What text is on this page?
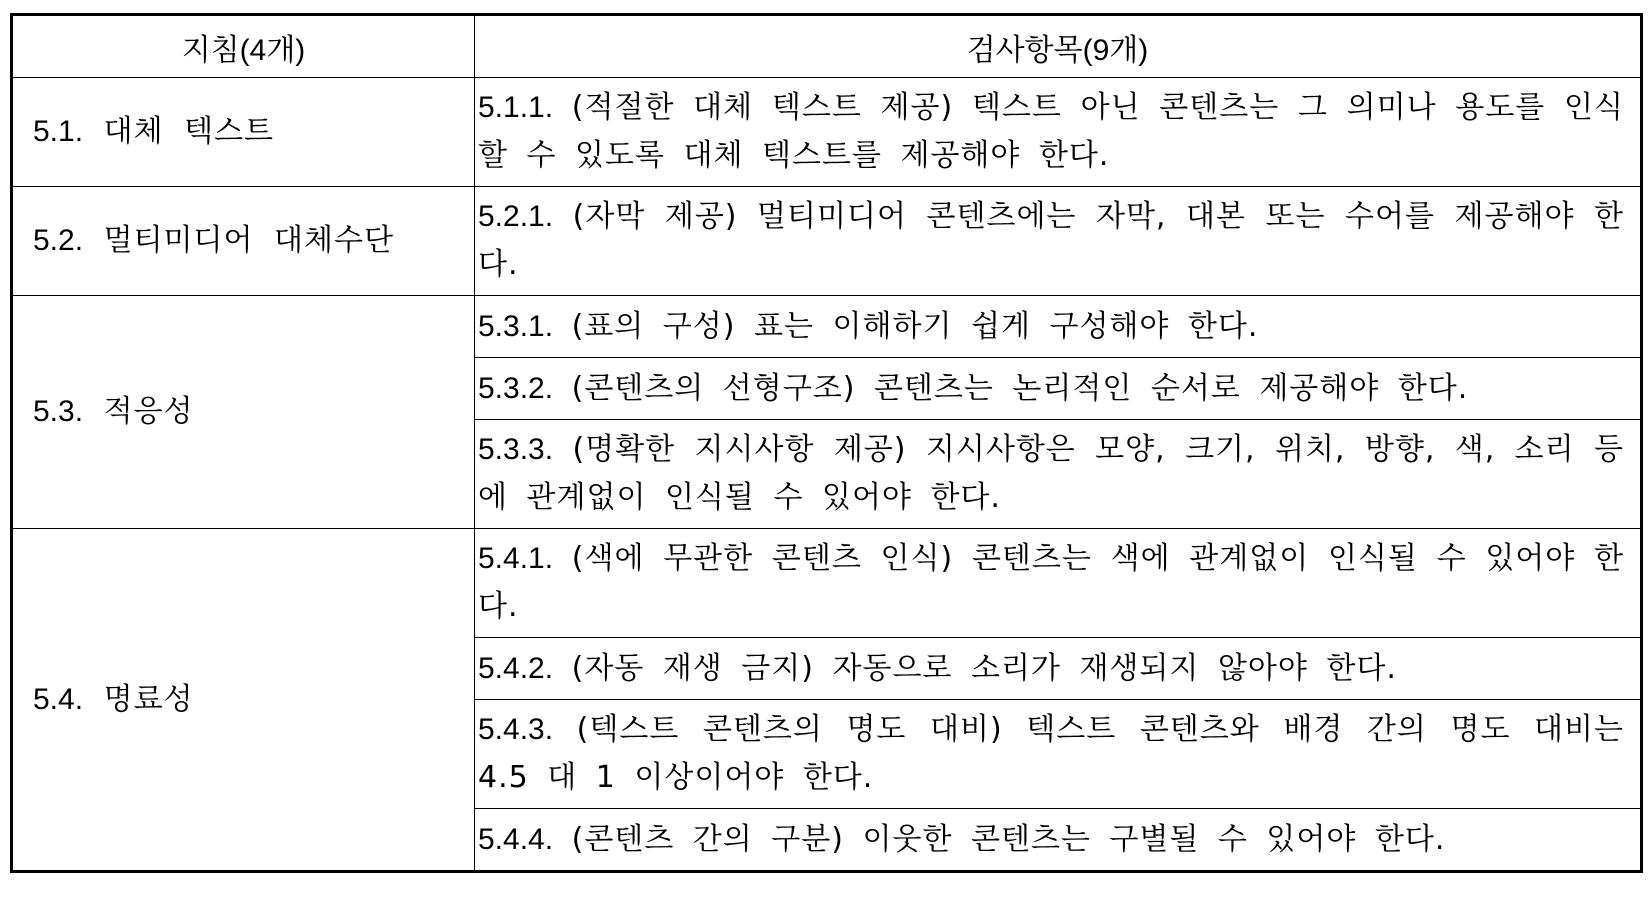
지침(4개)	검사항목(9개)
5.1. 대체 텍스트	5.1.1. (적절한 대체 텍스트 제공) 텍스트 아닌 콘텐츠는 그 의미나 용도를 인식할 수 있도록 대체 텍스트를 제공해야 한다.
5.2. 멀티미디어 대체수단	5.2.1. (자막 제공) 멀티미디어 콘텐츠에는 자막, 대본 또는 수어를 제공해야 한다.
5.3. 적응성	5.3.1. (표의 구성) 표는 이해하기 쉽게 구성해야 한다.
	5.3.2. (콘텐츠의 선형구조) 콘텐츠는 논리적인 순서로 제공해야 한다.
	5.3.3. (명확한 지시사항 제공) 지시사항은 모양, 크기, 위치, 방향, 색, 소리 등에 관계없이 인식될 수 있어야 한다.
5.4. 명료성	5.4.1. (색에 무관한 콘텐츠 인식) 콘텐츠는 색에 관계없이 인식될 수 있어야 한다.
	5.4.2. (자동 재생 금지) 자동으로 소리가 재생되지 않아야 한다.
	5.4.3. (텍스트 콘텐츠의 명도 대비) 텍스트 콘텐츠와 배경 간의 명도 대비는 4.5 대 1 이상이어야 한다.
	5.4.4. (콘텐츠 간의 구분) 이웃한 콘텐츠는 구별될 수 있어야 한다.
